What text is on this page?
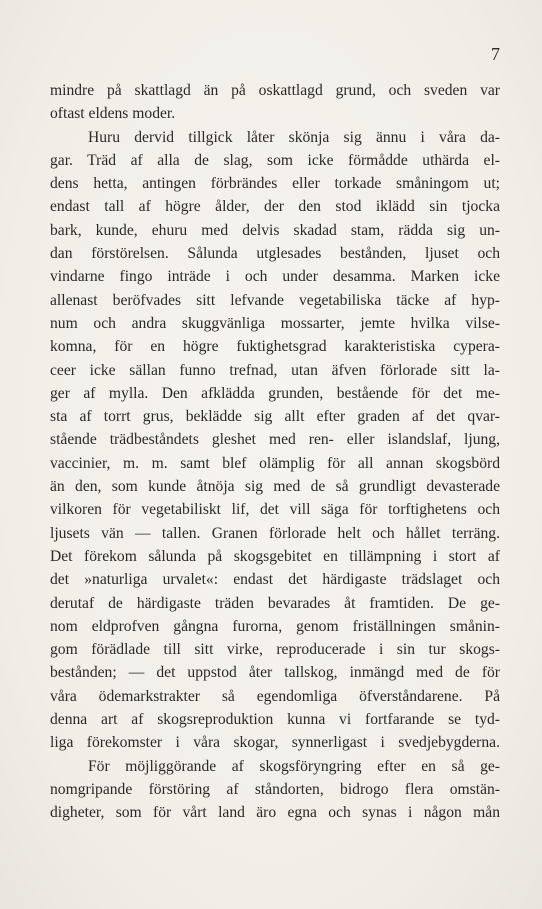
7
mindre på skattlagd än på oskattlagd grund, och sveden var
oftast eldens moder.
Huru dervid tillgick låter skönja sig ännu i våra da-
gar. Träd af alla de slag, som icke förmådde uthärda el-
dens hetta, antingen förbrändes eller torkade småningom ut;
endast tall af högre ålder, der den stod iklädd sin tjocka
bark, kunde, ehuru med delvis skadad stam, rädda sig un-
dan förstörelsen. Sålunda utglesades bestånden, ljuset och
vindarne fingo inträde i och under desamma. Marken icke
allenast beröfvades sitt lefvande vegetabiliska täcke af hyp-
num och andra skuggvänliga mossarter, jemte hvilka vilse-
komna, för en högre fuktighetsgrad karakteristiska cypera-
ceer icke sällan funno trefnad, utan äfven förlorade sitt la-
ger af mylla. Den afklädda grunden, bestående för det me-
sta af torrt grus, beklädde sig allt efter graden af det qvar-
stående trädbeståndets gleshet med ren- eller islandslaf, ljung,
vaccinier, m. m. samt blef olämplig för all annan skogsbörd
än den, som kunde åtnöja sig med de så grundligt devasterade
vilkoren för vegetabiliskt lif, det vill säga för torftighetens och
ljusets vän — tallen. Granen förlorade helt och hållet terräng.
Det förekom sålunda på skogsgebitet en tillämpning i stort af
det »naturliga urvalet«: endast det härdigaste trädslaget och
derutaf de härdigaste träden bevarades åt framtiden. De ge-
nom eldprofven gångna furorna, genom friställningen smånin-
gom förädlade till sitt virke, reproducerade i sin tur skogs-
bestånden; — det uppstod åter tallskog, inmängd med de för
våra ödemarkstrakter så egendomliga öfverståndarene. På
denna art af skogsreproduktion kunna vi fortfarande se tyd-
liga förekomster i våra skogar, synnerligast i svedjebygderna.
För möjliggörande af skogsföryngring efter en så ge-
nomgripande förstöring af ståndorten, bidrogo flera omstän-
digheter, som för vårt land äro egna och synas i någon mån
